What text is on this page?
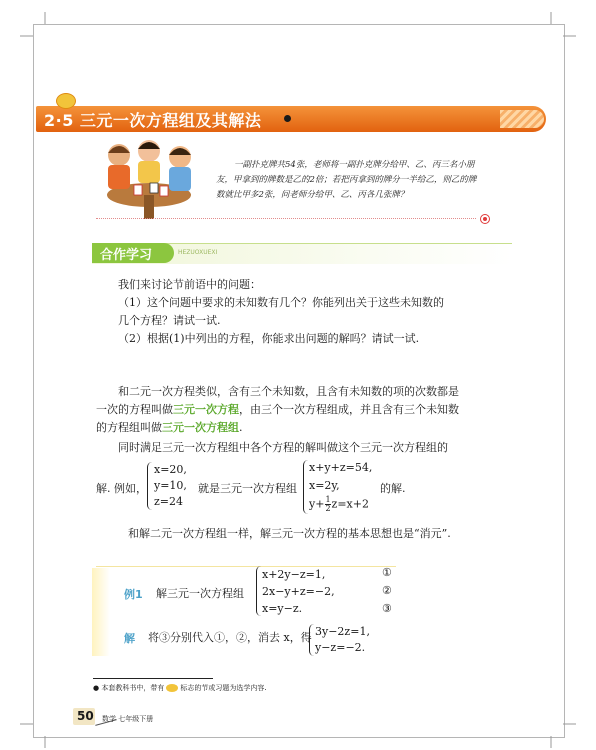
2·5 三元一次方程组及其解法
一副扑克牌共54张，老师将一副扑克牌分给甲、乙、丙三名小朋友，甲拿到的牌数是乙的2倍；若把丙拿到的牌分一半给乙，则乙的牌数就比甲多2张，问老师分给甲、乙、丙各几张牌？
合作学习	HEZUOXUEXI
我们来讨论节前语中的问题：
（1）这个问题中要求的未知数有几个？你能列出关于这些未知数的
几个方程？请试一试.
（2）根据(1)中列出的方程，你能求出问题的解吗？请试一试.
和二元一次方程类似，含有三个未知数，且含有未知数的项的次数都是
一次的方程叫做三元一次方程，由三个一次方程组成，并且含有三个未知数
的方程组叫做三元一次方程组.
同时满足三元一次方程组中各个方程的解叫做这个三元一次方程组的
解. 例如，
x=20,
y=10,
z=24
就是三元一次方程组
x+y+z=54,
x=2y,
$y+ \frac{1}{2} z=x+2$
的解.
和解二元一次方程组一样，解三元一次方程的基本思想也是“消元”.
例1 解三元一次方程组
x+2y−z=1,
2x−y+z=−2,
x=y−z.
①
②
③
解 将③分别代入①，②，消去 x，得 3y−2z=1,
y−z=−2.
● 本套教科书中，带有 标志的节或习题为选学内容.
50 数学 七年级下册
